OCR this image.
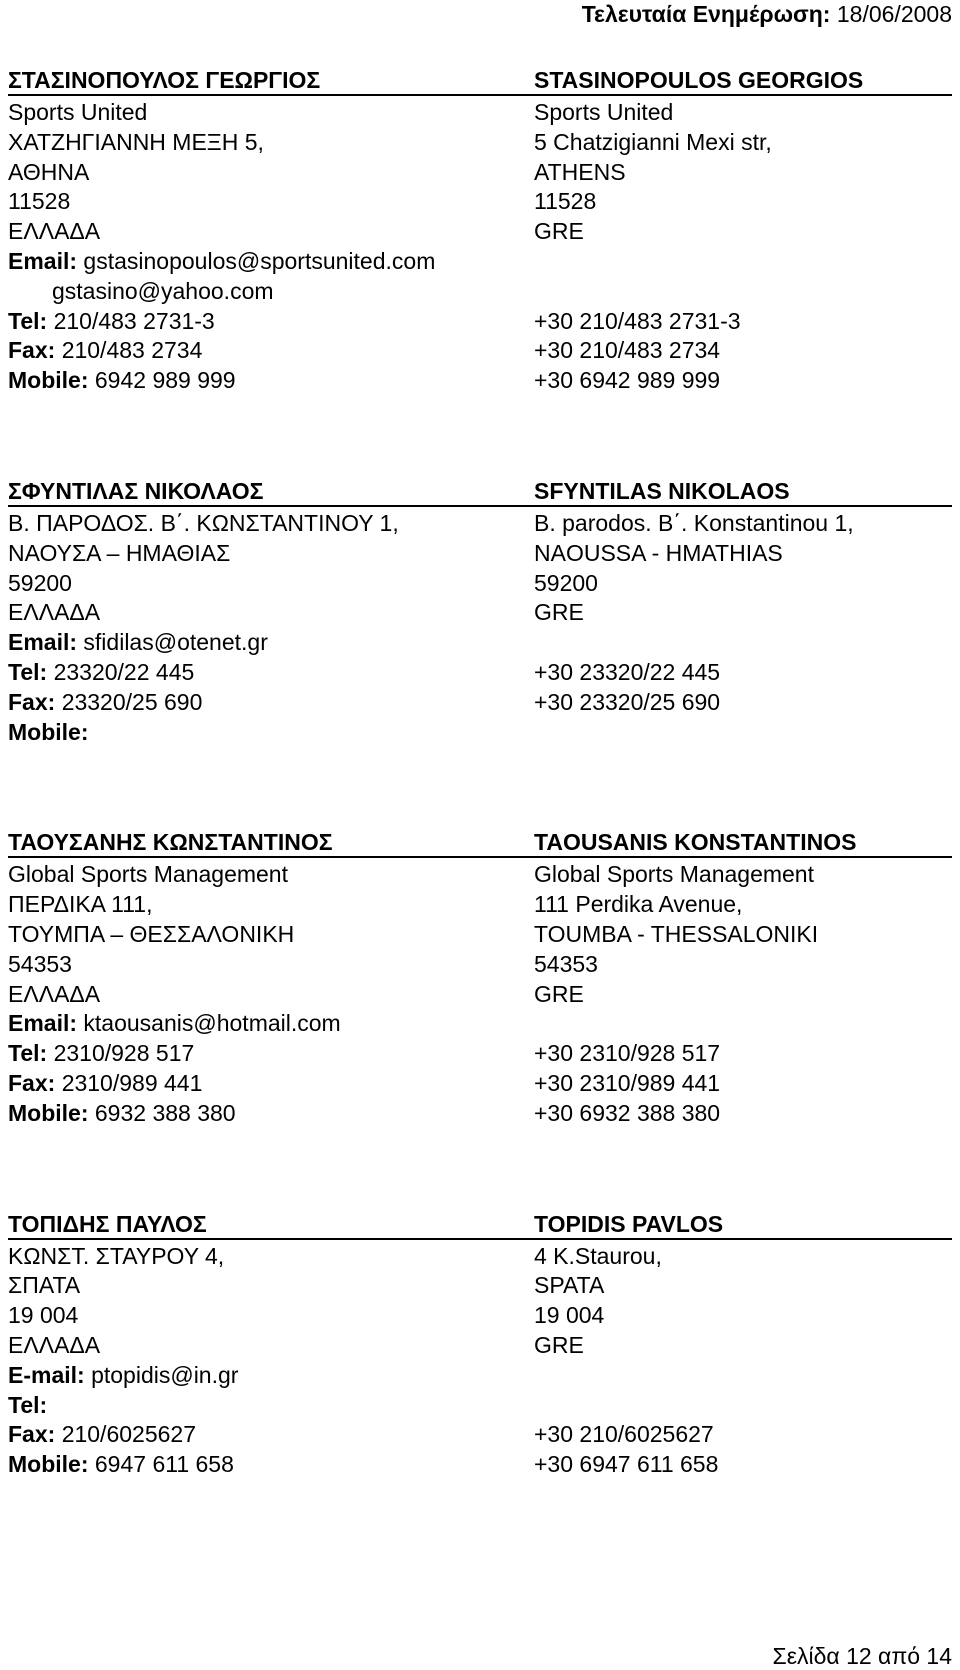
Τελευταία Ενημέρωση: 18/06/2008
ΣΤΑΣΙΝΟΠΟΥΛΟΣ ΓΕΩΡΓΙΟΣ	STASINOPOULOS GEORGIOS
Sports United	Sports United
ΧΑΤΖΗΓΙΑΝΝΗ ΜΕΞΗ 5,	5 Chatzigianni Mexi str,
ΑΘΗΝΑ	ATHENS
11528	11528
ΕΛΛΑΔΑ	GRE
Email: gstasinopoulos@sportsunited.com
gstasino@yahoo.com
Tel: 210/483 2731-3	+30 210/483 2731-3
Fax: 210/483 2734	+30 210/483 2734
Mobile: 6942 989 999	+30 6942 989 999
ΣΦΥΝΤΙΛΑΣ ΝΙΚΟΛΑΟΣ	SFYNTILAS NIKOLAOS
Β. ΠΑΡΟΔΟΣ. Β΄. ΚΩΝΣΤΑΝΤΙΝΟΥ 1,	B. parodos. B΄. Konstantinou 1,
ΝΑΟΥΣΑ – ΗΜΑΘΙΑΣ	NAOUSSA - HMATHIAS
59200	59200
ΕΛΛΑΔΑ	GRE
Email: sfidilas@otenet.gr
Tel: 23320/22 445	+30 23320/22 445
Fax: 23320/25 690	+30 23320/25 690
Mobile:
ΤΑΟΥΣΑΝΗΣ ΚΩΝΣΤΑΝΤΙΝΟΣ	TAOUSANIS KONSTANTINOS
Global Sports Management	Global Sports Management
ΠΕΡΔΙΚΑ 111,	111 Perdika Avenue,
ΤΟΥΜΠΑ – ΘΕΣΣΑΛΟΝΙΚΗ	TOUMBA - THESSALONIKI
54353	54353
ΕΛΛΑΔΑ	GRE
Email: ktaousanis@hotmail.com
Tel: 2310/928 517	+30 2310/928 517
Fax: 2310/989 441	+30 2310/989 441
Mobile: 6932 388 380	+30 6932 388 380
ΤΟΠΙΔΗΣ ΠΑΥΛΟΣ	TOPIDIS PAVLOS
ΚΩΝΣΤ. ΣΤΑΥΡΟΥ 4,	4 K.Staurou,
ΣΠΑΤΑ	SPATA
19 004	19 004
ΕΛΛΑΔΑ	GRE
E-mail: ptopidis@in.gr
Tel:
Fax: 210/6025627	+30 210/6025627
Mobile: 6947 611 658	+30 6947 611 658
Σελίδα 12 από 14
